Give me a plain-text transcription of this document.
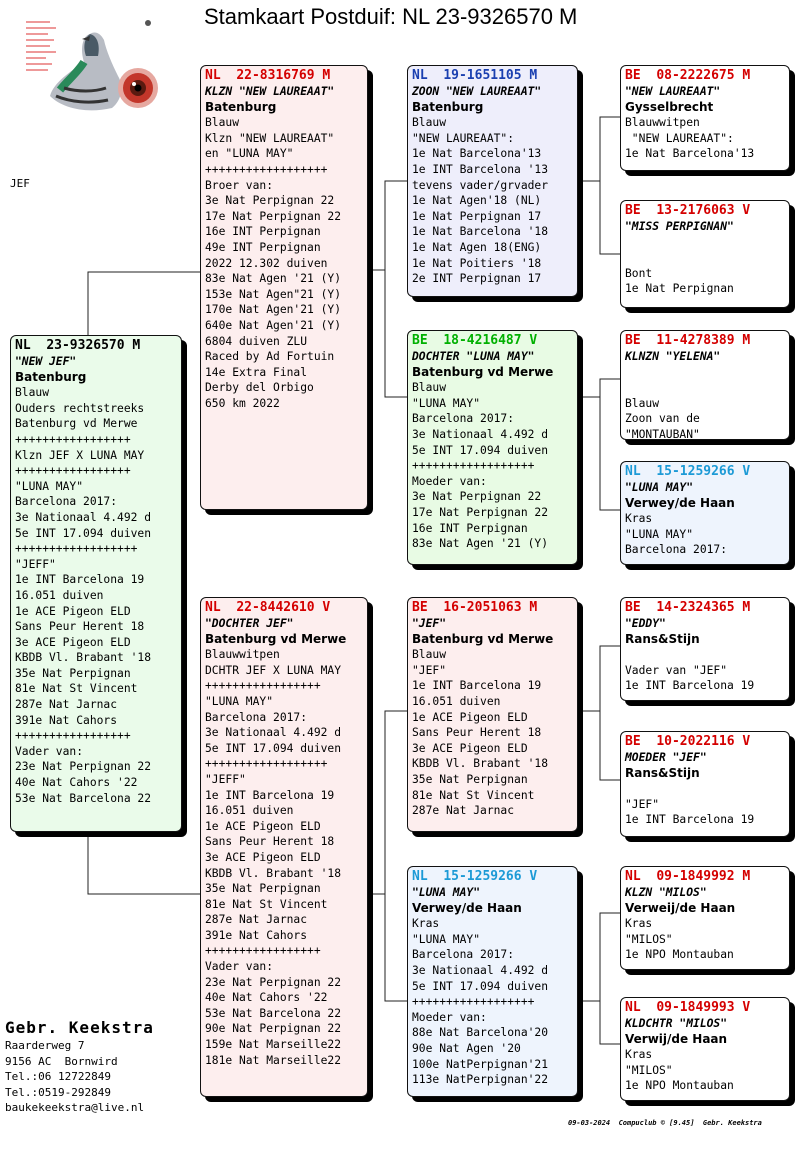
Stamkaart Postduif: NL 23-9326570 M
JEF
NL 23-9326570 M
"NEW JEF"
Batenburg
Blauw
Ouders rechtstreeks
Batenburg vd Merwe
+++++++++++++++++
Klzn JEF X LUNA MAY
+++++++++++++++++
"LUNA MAY"
Barcelona 2017:
3e Nationaal 4.492 d
5e INT 17.094 duiven
++++++++++++++++++
"JEFF"
1e INT Barcelona 19
16.051 duiven
1e ACE Pigeon ELD
Sans Peur Herent 18
3e ACE Pigeon ELD
KBDB Vl. Brabant '18
35e Nat Perpignan
81e Nat St Vincent
287e Nat Jarnac
391e Nat Cahors
+++++++++++++++++
Vader van:
23e Nat Perpignan 22
40e Nat Cahors '22
53e Nat Barcelona 22
NL 22-8316769 M
KLZN "NEW LAUREAAT"
Batenburg
Blauw
Klzn "NEW LAUREAAT"
en "LUNA MAY"
++++++++++++++++++
Broer van:
3e Nat Perpignan 22
17e Nat Perpignan 22
16e INT Perpignan
49e INT Perpignan
2022 12.302 duiven
83e Nat Agen '21 (Y)
153e Nat Agen"21 (Y)
170e Nat Agen'21 (Y)
640e Nat Agen'21 (Y)
6804 duiven ZLU
Raced by Ad Fortuin
14e Extra Final
Derby del Orbigo
650 km 2022
NL 22-8442610 V
"DOCHTER JEF"
Batenburg vd Merwe
Blauwwitpen
DCHTR JEF X LUNA MAY
+++++++++++++++++
"LUNA MAY"
Barcelona 2017:
3e Nationaal 4.492 d
5e INT 17.094 duiven
++++++++++++++++++
"JEFF"
1e INT Barcelona 19
16.051 duiven
1e ACE Pigeon ELD
Sans Peur Herent 18
3e ACE Pigeon ELD
KBDB Vl. Brabant '18
35e Nat Perpignan
81e Nat St Vincent
287e Nat Jarnac
391e Nat Cahors
+++++++++++++++++
Vader van:
23e Nat Perpignan 22
40e Nat Cahors '22
53e Nat Barcelona 22
90e Nat Perpignan 22
159e Nat Marseille22
181e Nat Marseille22
NL 19-1651105 M
ZOON "NEW LAUREAAT"
Batenburg
Blauw
"NEW LAUREAAT":
1e Nat Barcelona'13
1e INT Barcelona '13
tevens vader/grvader
1e Nat Agen'18 (NL)
1e Nat Perpignan 17
1e Nat Barcelona '18
1e Nat Agen 18(ENG)
1e Nat Poitiers '18
2e INT Perpignan 17
BE 18-4216487 V
DOCHTER "LUNA MAY"
Batenburg vd Merwe
Blauw
"LUNA MAY"
Barcelona 2017:
3e Nationaal 4.492 d
5e INT 17.094 duiven
++++++++++++++++++
Moeder van:
3e Nat Perpignan 22
17e Nat Perpignan 22
16e INT Perpignan
83e Nat Agen '21 (Y)
BE 16-2051063 M
"JEF"
Batenburg vd Merwe
Blauw
"JEF"
1e INT Barcelona 19
16.051 duiven
1e ACE Pigeon ELD
Sans Peur Herent 18
3e ACE Pigeon ELD
KBDB Vl. Brabant '18
35e Nat Perpignan
81e Nat St Vincent
287e Nat Jarnac
NL 15-1259266 V
"LUNA MAY"
Verwey/de Haan
Kras
"LUNA MAY"
Barcelona 2017:
3e Nationaal 4.492 d
5e INT 17.094 duiven
++++++++++++++++++
Moeder van:
88e Nat Barcelona'20
90e Nat Agen '20
100e NatPerpignan'21
113e NatPerpignan'22
BE 08-2222675 M
"NEW LAUREAAT"
Gysselbrecht
Blauwwitpen
"NEW LAUREAAT":
1e Nat Barcelona'13
BE 13-2176063 V
"MISS PERPIGNAN"

Bont
1e Nat Perpignan
BE 11-4278389 M
KLNZN "YELENA"

Blauw
Zoon van de
"MONTAUBAN"
NL 15-1259266 V
"LUNA MAY"
Verwey/de Haan
Kras
"LUNA MAY"
Barcelona 2017:
BE 14-2324365 M
"EDDY"
Rans&Stijn

Vader van "JEF"
1e INT Barcelona 19
BE 10-2022116 V
MOEDER "JEF"
Rans&Stijn

"JEF"
1e INT Barcelona 19
NL 09-1849992 M
KLZN "MILOS"
Verweij/de Haan
Kras
"MILOS"
1e NPO Montauban
NL 09-1849993 V
KLDCHTR "MILOS"
Verwij/de Haan
Kras
"MILOS"
1e NPO Montauban
Gebr. Keekstra
Raarderweg 7
9156 AC  Bornwird
Tel.:06 12722849
Tel.:0519-292849
baukekeekstra@live.nl
09-03-2024  Compuclub © [9.45]  Gebr. Keekstra
